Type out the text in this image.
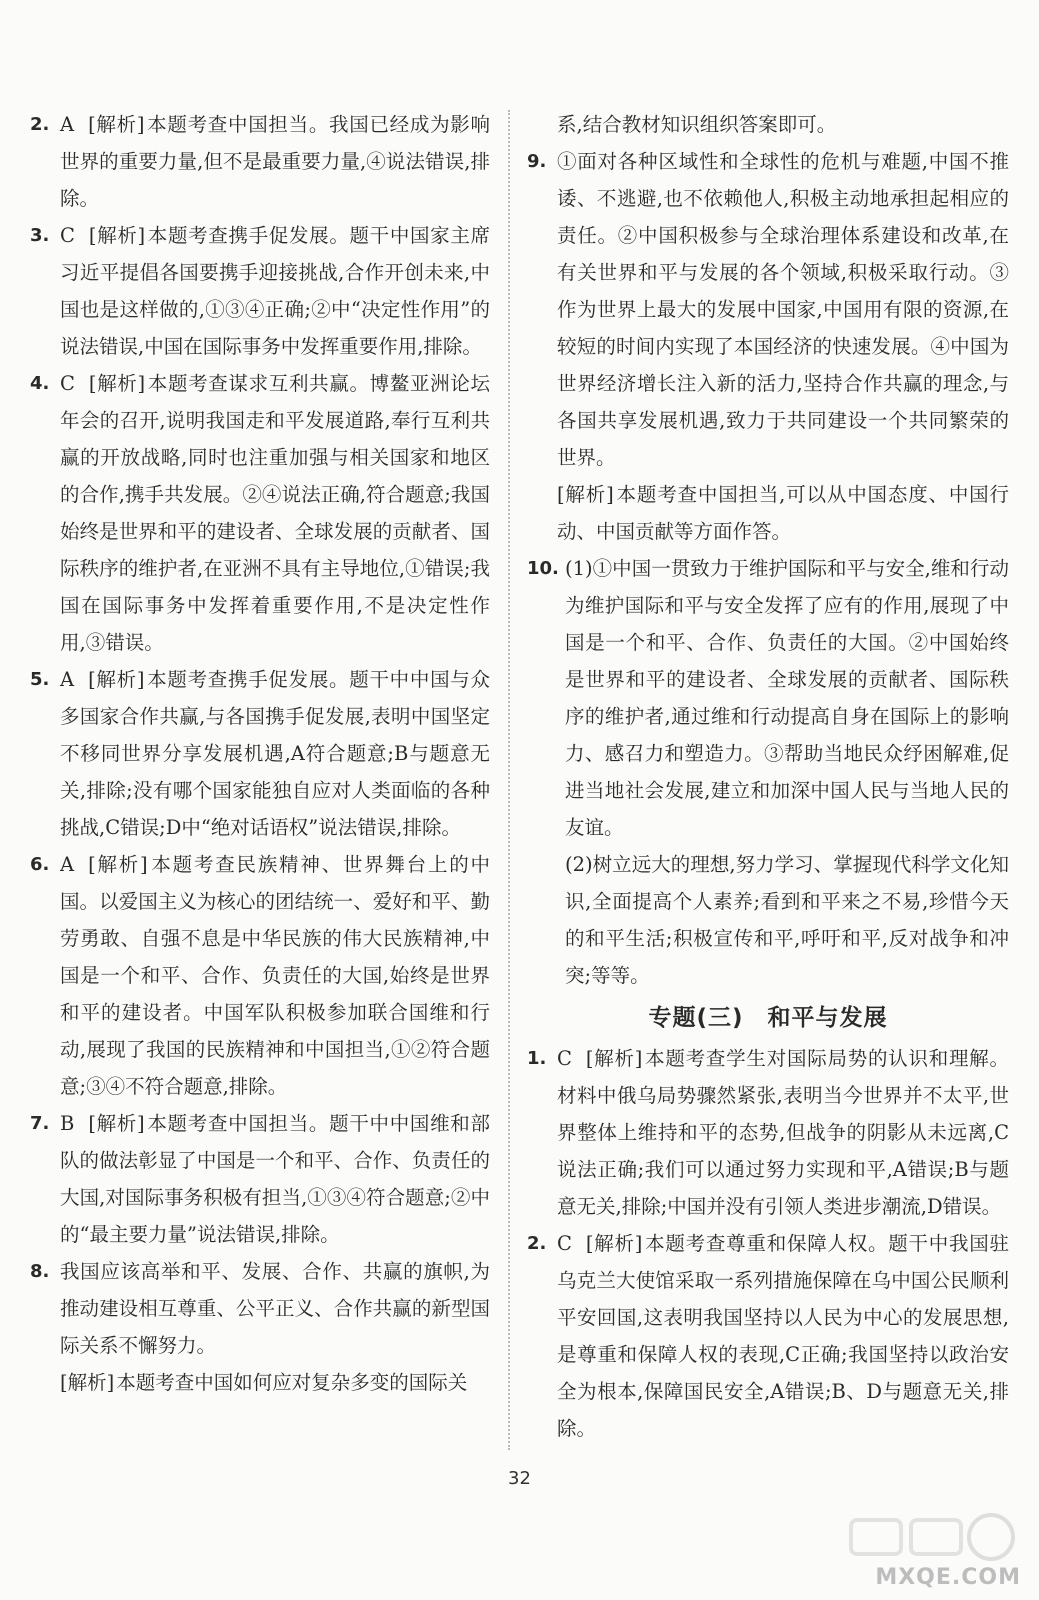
2. A [解析] 本题考查中国担当。我国已经成为影响世界的重要力量,但不是最重要力量,④说法错误,排除。
3. C [解析] 本题考查携手促发展。题干中国家主席习近平提倡各国要携手迎接挑战,合作开创未来,中国也是这样做的,①③④正确;②中“决定性作用”的说法错误,中国在国际事务中发挥重要作用,排除。
4. C [解析] 本题考查谋求互利共赢。博鳌亚洲论坛年会的召开,说明我国走和平发展道路,奉行互利共赢的开放战略,同时也注重加强与相关国家和地区的合作,携手共发展。②④说法正确,符合题意;我国始终是世界和平的建设者、全球发展的贡献者、国际秩序的维护者,在亚洲不具有主导地位,①错误;我国在国际事务中发挥着重要作用,不是决定性作用,③错误。
5. A [解析] 本题考查携手促发展。题干中中国与众多国家合作共赢,与各国携手促发展,表明中国坚定不移同世界分享发展机遇,A符合题意;B与题意无关,排除;没有哪个国家能独自应对人类面临的各种挑战,C错误;D中“绝对话语权”说法错误,排除。
6. A [解析] 本题考查民族精神、世界舞台上的中国。以爱国主义为核心的团结统一、爱好和平、勤劳勇敢、自强不息是中华民族的伟大民族精神,中国是一个和平、合作、负责任的大国,始终是世界和平的建设者。中国军队积极参加联合国维和行动,展现了我国的民族精神和中国担当,①②符合题意;③④不符合题意,排除。
7. B [解析] 本题考查中国担当。题干中中国维和部队的做法彰显了中国是一个和平、合作、负责任的大国,对国际事务积极有担当,①③④符合题意;②中的“最主要力量”说法错误,排除。
8. 我国应该高举和平、发展、合作、共赢的旗帜,为推动建设相互尊重、公平正义、合作共赢的新型国际关系不懈努力。
[解析] 本题考查中国如何应对复杂多变的国际关
系,结合教材知识组织答案即可。
9. ①面对各种区域性和全球性的危机与难题,中国不推诿、不逃避,也不依赖他人,积极主动地承担起相应的责任。②中国积极参与全球治理体系建设和改革,在有关世界和平与发展的各个领域,积极采取行动。③作为世界上最大的发展中国家,中国用有限的资源,在较短的时间内实现了本国经济的快速发展。④中国为世界经济增长注入新的活力,坚持合作共赢的理念,与各国共享发展机遇,致力于共同建设一个共同繁荣的世界。
[解析] 本题考查中国担当,可以从中国态度、中国行动、中国贡献等方面作答。
10. (1)①中国一贯致力于维护国际和平与安全,维和行动为维护国际和平与安全发挥了应有的作用,展现了中国是一个和平、合作、负责任的大国。②中国始终是世界和平的建设者、全球发展的贡献者、国际秩序的维护者,通过维和行动提高自身在国际上的影响力、感召力和塑造力。③帮助当地民众纾困解难,促进当地社会发展,建立和加深中国人民与当地人民的友谊。
(2)树立远大的理想,努力学习、掌握现代科学文化知识,全面提高个人素养;看到和平来之不易,珍惜今天的和平生活;积极宣传和平,呼吁和平,反对战争和冲突;等等。
专题(三)　和平与发展
1. C [解析] 本题考查学生对国际局势的认识和理解。材料中俄乌局势骤然紧张,表明当今世界并不太平,世界整体上维持和平的态势,但战争的阴影从未远离,C说法正确;我们可以通过努力实现和平,A错误;B与题意无关,排除;中国并没有引领人类进步潮流,D错误。
2. C [解析] 本题考查尊重和保障人权。题干中我国驻乌克兰大使馆采取一系列措施保障在乌中国公民顺利平安回国,这表明我国坚持以人民为中心的发展思想,是尊重和保障人权的表现,C正确;我国坚持以政治安全为根本,保障国民安全,A错误;B、D与题意无关,排除。
32
MXQE.COM
